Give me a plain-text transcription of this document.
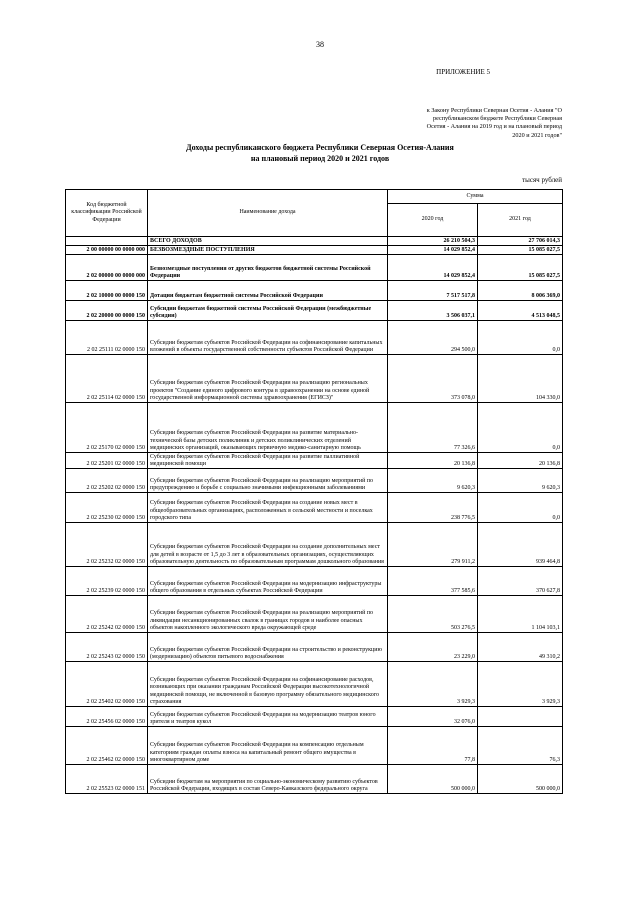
38
ПРИЛОЖЕНИЕ 5
к Закону Республики Северная Осетия - Алания "О
республиканском бюджете Республики Северная
Осетия - Алания на 2019 год и на плановый период
2020 и 2021 годов"
Доходы республиканского бюджета Республики Северная Осетия-Алания
на плановый период 2020 и 2021 годов
тысяч рублей
Код бюджетной классификации Российской Федерации	Наименование дохода	Сумма	
		2020 год	2021 год
	ВСЕГО ДОХОДОВ	26 210 504,3	27 706 014,3
2 00 00000 00 0000 000	БЕЗВОЗМЕЗДНЫЕ ПОСТУПЛЕНИЯ	14 029 852,4	15 085 027,5
2 02 00000 00 0000 000	Безвозмездные поступления от других бюджетов бюджетной системы Российской Федерации	14 029 852,4	15 085 027,5
2 02 10000 00 0000 150	Дотации бюджетам бюджетной системы Российской Федерации	7 517 517,8	8 006 369,0
2 02 20000 00 0000 150	Субсидии бюджетам бюджетной системы Российской Федерации (межбюджетные субсидии)	3 506 037,1	4 513 048,5
2 02 25111 02 0000 150	Субсидии бюджетам субъектов Российской Федерации на софинансирование капитальных вложений в объекты государственной собственности субъектов Российской Федерации	294 500,0	0,0
2 02 25114 02 0000 150	Субсидии бюджетам субъектов Российской Федерации на реализацию региональных проектов "Создание единого цифрового контура в здравоохранении на основе единой государственной информационной системы здравоохранения (ЕГИСЗ)"	373 078,0	104 330,0
2 02 25170 02 0000 150	Субсидии бюджетам субъектов Российской Федерации на развитие материально-технической базы детских поликлиник и детских поликлинических отделений медицинских организаций, оказывающих первичную медико-санитарную помощь	77 326,6	0,0
2 02 25201 02 0000 150	Субсидии бюджетам субъектов Российской Федерации на развитие паллиативной медицинской помощи	20 136,8	20 136,8
2 02 25202 02 0000 150	Субсидии бюджетам субъектов Российской Федерации на реализацию мероприятий по предупреждению и борьбе с социально значимыми инфекционными заболеваниями	9 620,3	9 620,3
2 02 25230 02 0000 150	Субсидии бюджетам субъектов Российской Федерации на создание новых мест в общеобразовательных организациях, расположенных в сельской местности и поселках городского типа	238 776,5	0,0
2 02 25232 02 0000 150	Субсидии бюджетам субъектов Российской Федерации на создание дополнительных мест для детей в возрасте от 1,5 до 3 лет в образовательных организациях, осуществляющих образовательную деятельность по образовательным программам дошкольного образования	279 911,2	939 464,8
2 02 25239 02 0000 150	Субсидии бюджетам субъектов Российской Федерации на модернизацию инфраструктуры общего образования в отдельных субъектах Российской Федерации	377 585,6	370 627,8
2 02 25242 02 0000 150	Субсидии бюджетам субъектов Российской Федерации на реализацию мероприятий по ликвидации несанкционированных свалок в границах городов и наиболее опасных объектов накопленного экологического вреда окружающей среде	503 276,5	1 104 103,1
2 02 25243 02 0000 150	Субсидии бюджетам субъектов Российской Федерации на строительство и реконструкцию (модернизацию) объектов питьевого водоснабжения	23 229,0	49 310,2
2 02 25402 02 0000 150	Субсидии бюджетам субъектов Российской Федерации на софинансирование расходов, возникающих при оказании гражданам Российской Федерации высокотехнологичной медицинской помощи, не включенной в базовую программу обязательного медицинского страхования	3 929,3	3 929,3
2 02 25456 02 0000 150	Субсидии бюджетам субъектов Российской Федерации на модернизацию театров юного зрителя и театров кукол	32 076,0	
2 02 25462 02 0000 150	Субсидии бюджетам субъектов Российской Федерации на компенсацию отдельным категориям граждан оплаты взноса на капитальный ремонт общего имущества в многоквартирном доме	77,8	76,3
2 02 25523 02 0000 151	Субсидии бюджетам на мероприятия по социально-экономическому развитию субъектов Российской Федерации, входящих в состав Северо-Кавказского федерального округа	500 000,0	500 000,0
